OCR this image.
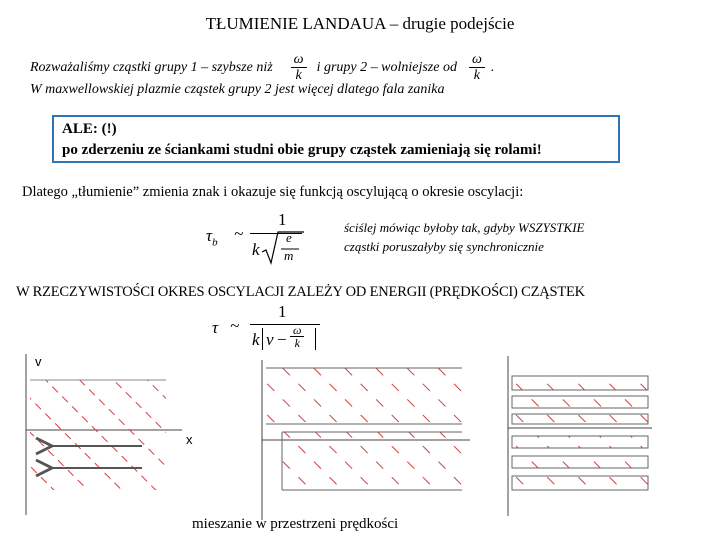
TŁUMIENIE LANDAUA – drugie podejście
Rozważaliśmy cząstki grupy 1 – szybsze niż $\frac{\omega}{k}$ i grupy 2 – wolniejsze od $\frac{\omega}{k}$ .
W maxwellowskiej plazmie cząstek grupy 2 jest więcej dlatego fala zanika
ALE: (!)
po zderzeniu ze ściankami studni obie grupy cząstek zamieniają się rolami!
Dlatego „tłumienie” zmienia znak i okazuje się funkcją oscylującą o okresie oscylacji:
$\tau_b$ ~
1
k
e
m
ściślej mówiąc byłoby tak, gdyby WSZYSTKIE
cząstki poruszałyby się synchronicznie
W RZECZYWISTOŚCI OKRES OSCYLACJI ZALEŻY OD ENERGII (PRĘDKOŚCI) CZĄSTEK
τ ~
1
k $v - \frac{\omega}{k}$
v
x
mieszanie w przestrzeni prędkości
